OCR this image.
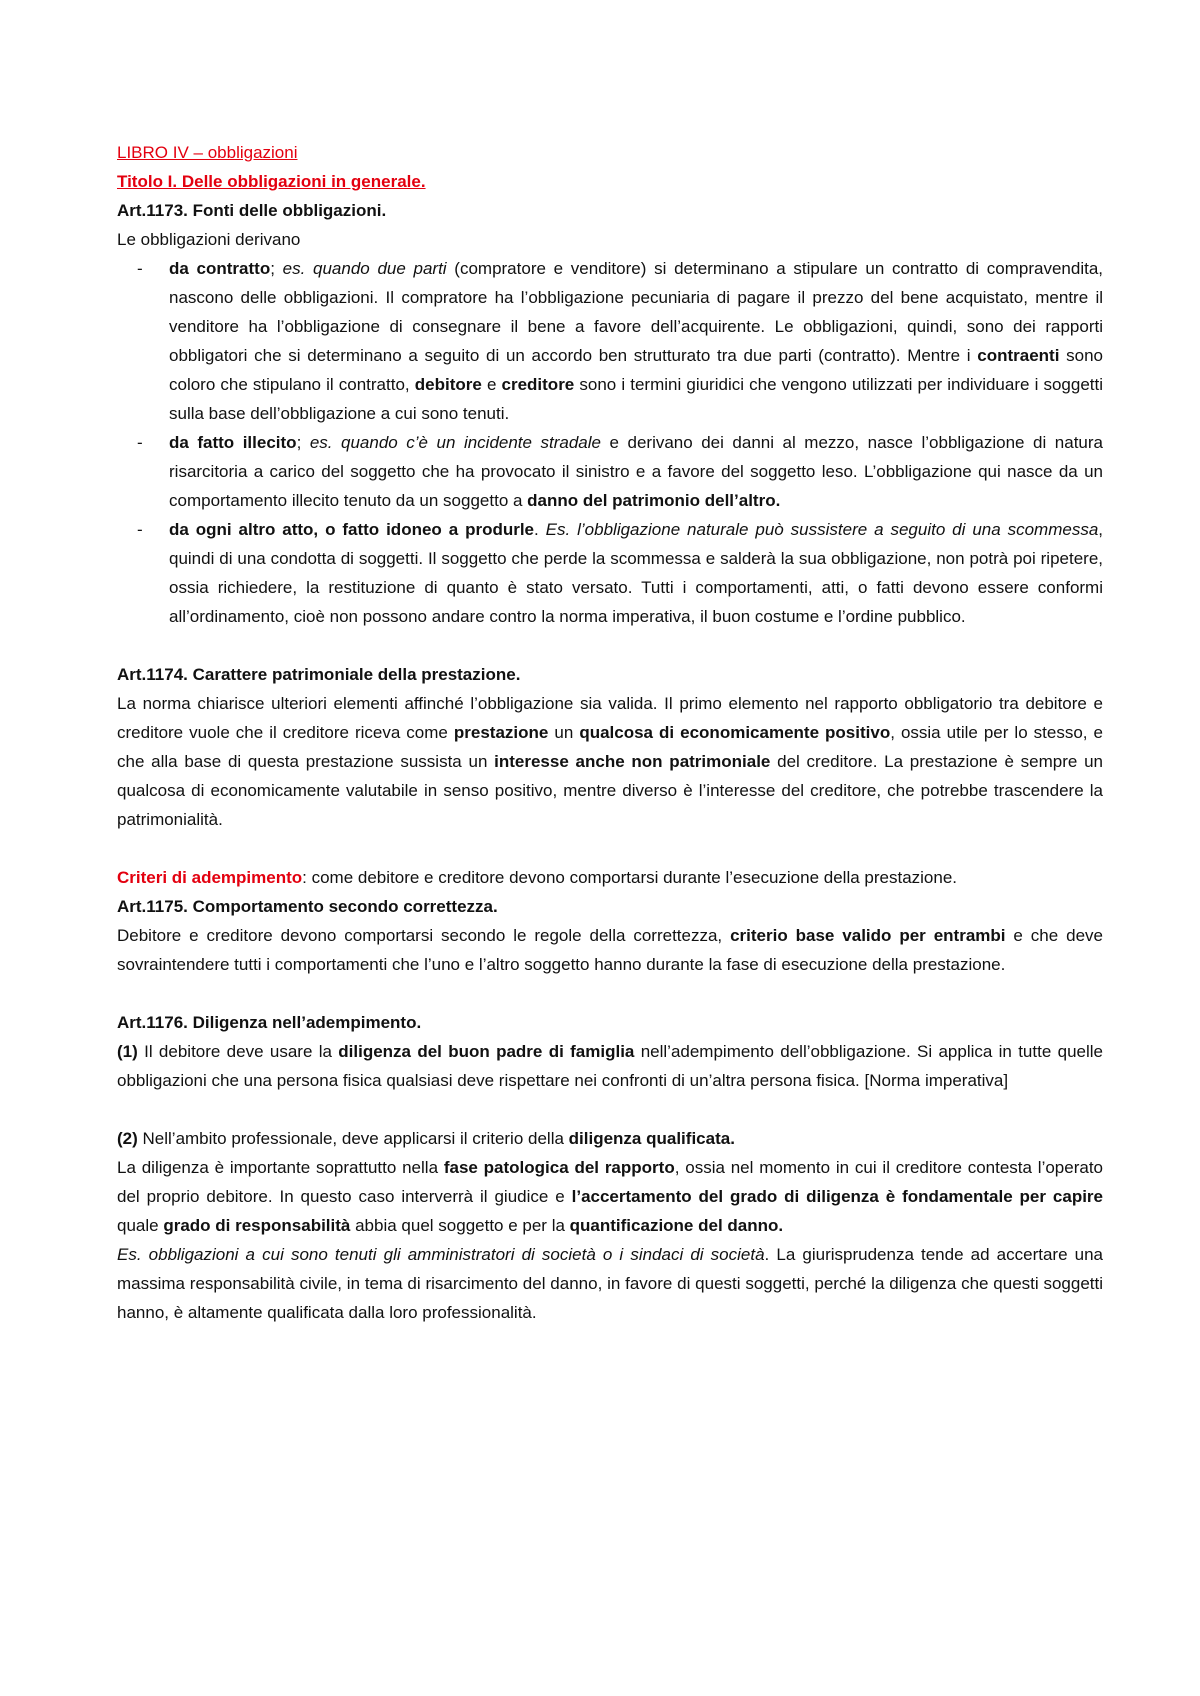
LIBRO IV – obbligazioni

Titolo I. Delle obbligazioni in generale.

Art.1173. Fonti delle obbligazioni.

Le obbligazioni derivano

- da contratto; es. quando due parti (compratore e venditore) si determinano a stipulare un contratto di compravendita, nascono delle obbligazioni. Il compratore ha l’obbligazione pecuniaria di pagare il prezzo del bene acquistato, mentre il venditore ha l’obbligazione di consegnare il bene a favore dell’acquirente. Le obbligazioni, quindi, sono dei rapporti obbligatori che si determinano a seguito di un accordo ben strutturato tra due parti (contratto). Mentre i contraenti sono coloro che stipulano il contratto, debitore e creditore sono i termini giuridici che vengono utilizzati per individuare i soggetti sulla base dell’obbligazione a cui sono tenuti.
- da fatto illecito; es. quando c’è un incidente stradale e derivano dei danni al mezzo, nasce l’obbligazione di natura risarcitoria a carico del soggetto che ha provocato il sinistro e a favore del soggetto leso. L’obbligazione qui nasce da un comportamento illecito tenuto da un soggetto a danno del patrimonio dell’altro.
- da ogni altro atto, o fatto idoneo a produrle. Es. l’obbligazione naturale può sussistere a seguito di una scommessa, quindi di una condotta di soggetti. Il soggetto che perde la scommessa e salderà la sua obbligazione, non potrà poi ripetere, ossia richiedere, la restituzione di quanto è stato versato. Tutti i comportamenti, atti, o fatti devono essere conformi all’ordinamento, cioè non possono andare contro la norma imperativa, il buon costume e l’ordine pubblico.

Art.1174. Carattere patrimoniale della prestazione.

La norma chiarisce ulteriori elementi affinché l’obbligazione sia valida. Il primo elemento nel rapporto obbligatorio tra debitore e creditore vuole che il creditore riceva come prestazione un qualcosa di economicamente positivo, ossia utile per lo stesso, e che alla base di questa prestazione sussista un interesse anche non patrimoniale del creditore. La prestazione è sempre un qualcosa di economicamente valutabile in senso positivo, mentre diverso è l’interesse del creditore, che potrebbe trascendere la patrimonialità.

Criteri di adempimento: come debitore e creditore devono comportarsi durante l’esecuzione della prestazione.

Art.1175. Comportamento secondo correttezza.

Debitore e creditore devono comportarsi secondo le regole della correttezza, criterio base valido per entrambi e che deve sovraintendere tutti i comportamenti che l’uno e l’altro soggetto hanno durante la fase di esecuzione della prestazione.

Art.1176. Diligenza nell’adempimento.

(1) Il debitore deve usare la diligenza del buon padre di famiglia nell’adempimento dell’obbligazione. Si applica in tutte quelle obbligazioni che una persona fisica qualsiasi deve rispettare nei confronti di un’altra persona fisica. [Norma imperativa]

(2) Nell’ambito professionale, deve applicarsi il criterio della diligenza qualificata.

La diligenza è importante soprattutto nella fase patologica del rapporto, ossia nel momento in cui il creditore contesta l’operato del proprio debitore. In questo caso interverrà il giudice e l’accertamento del grado di diligenza è fondamentale per capire quale grado di responsabilità abbia quel soggetto e per la quantificazione del danno.

Es. obbligazioni a cui sono tenuti gli amministratori di società o i sindaci di società. La giurisprudenza tende ad accertare una massima responsabilità civile, in tema di risarcimento del danno, in favore di questi soggetti, perché la diligenza che questi soggetti hanno, è altamente qualificata dalla loro professionalità.
